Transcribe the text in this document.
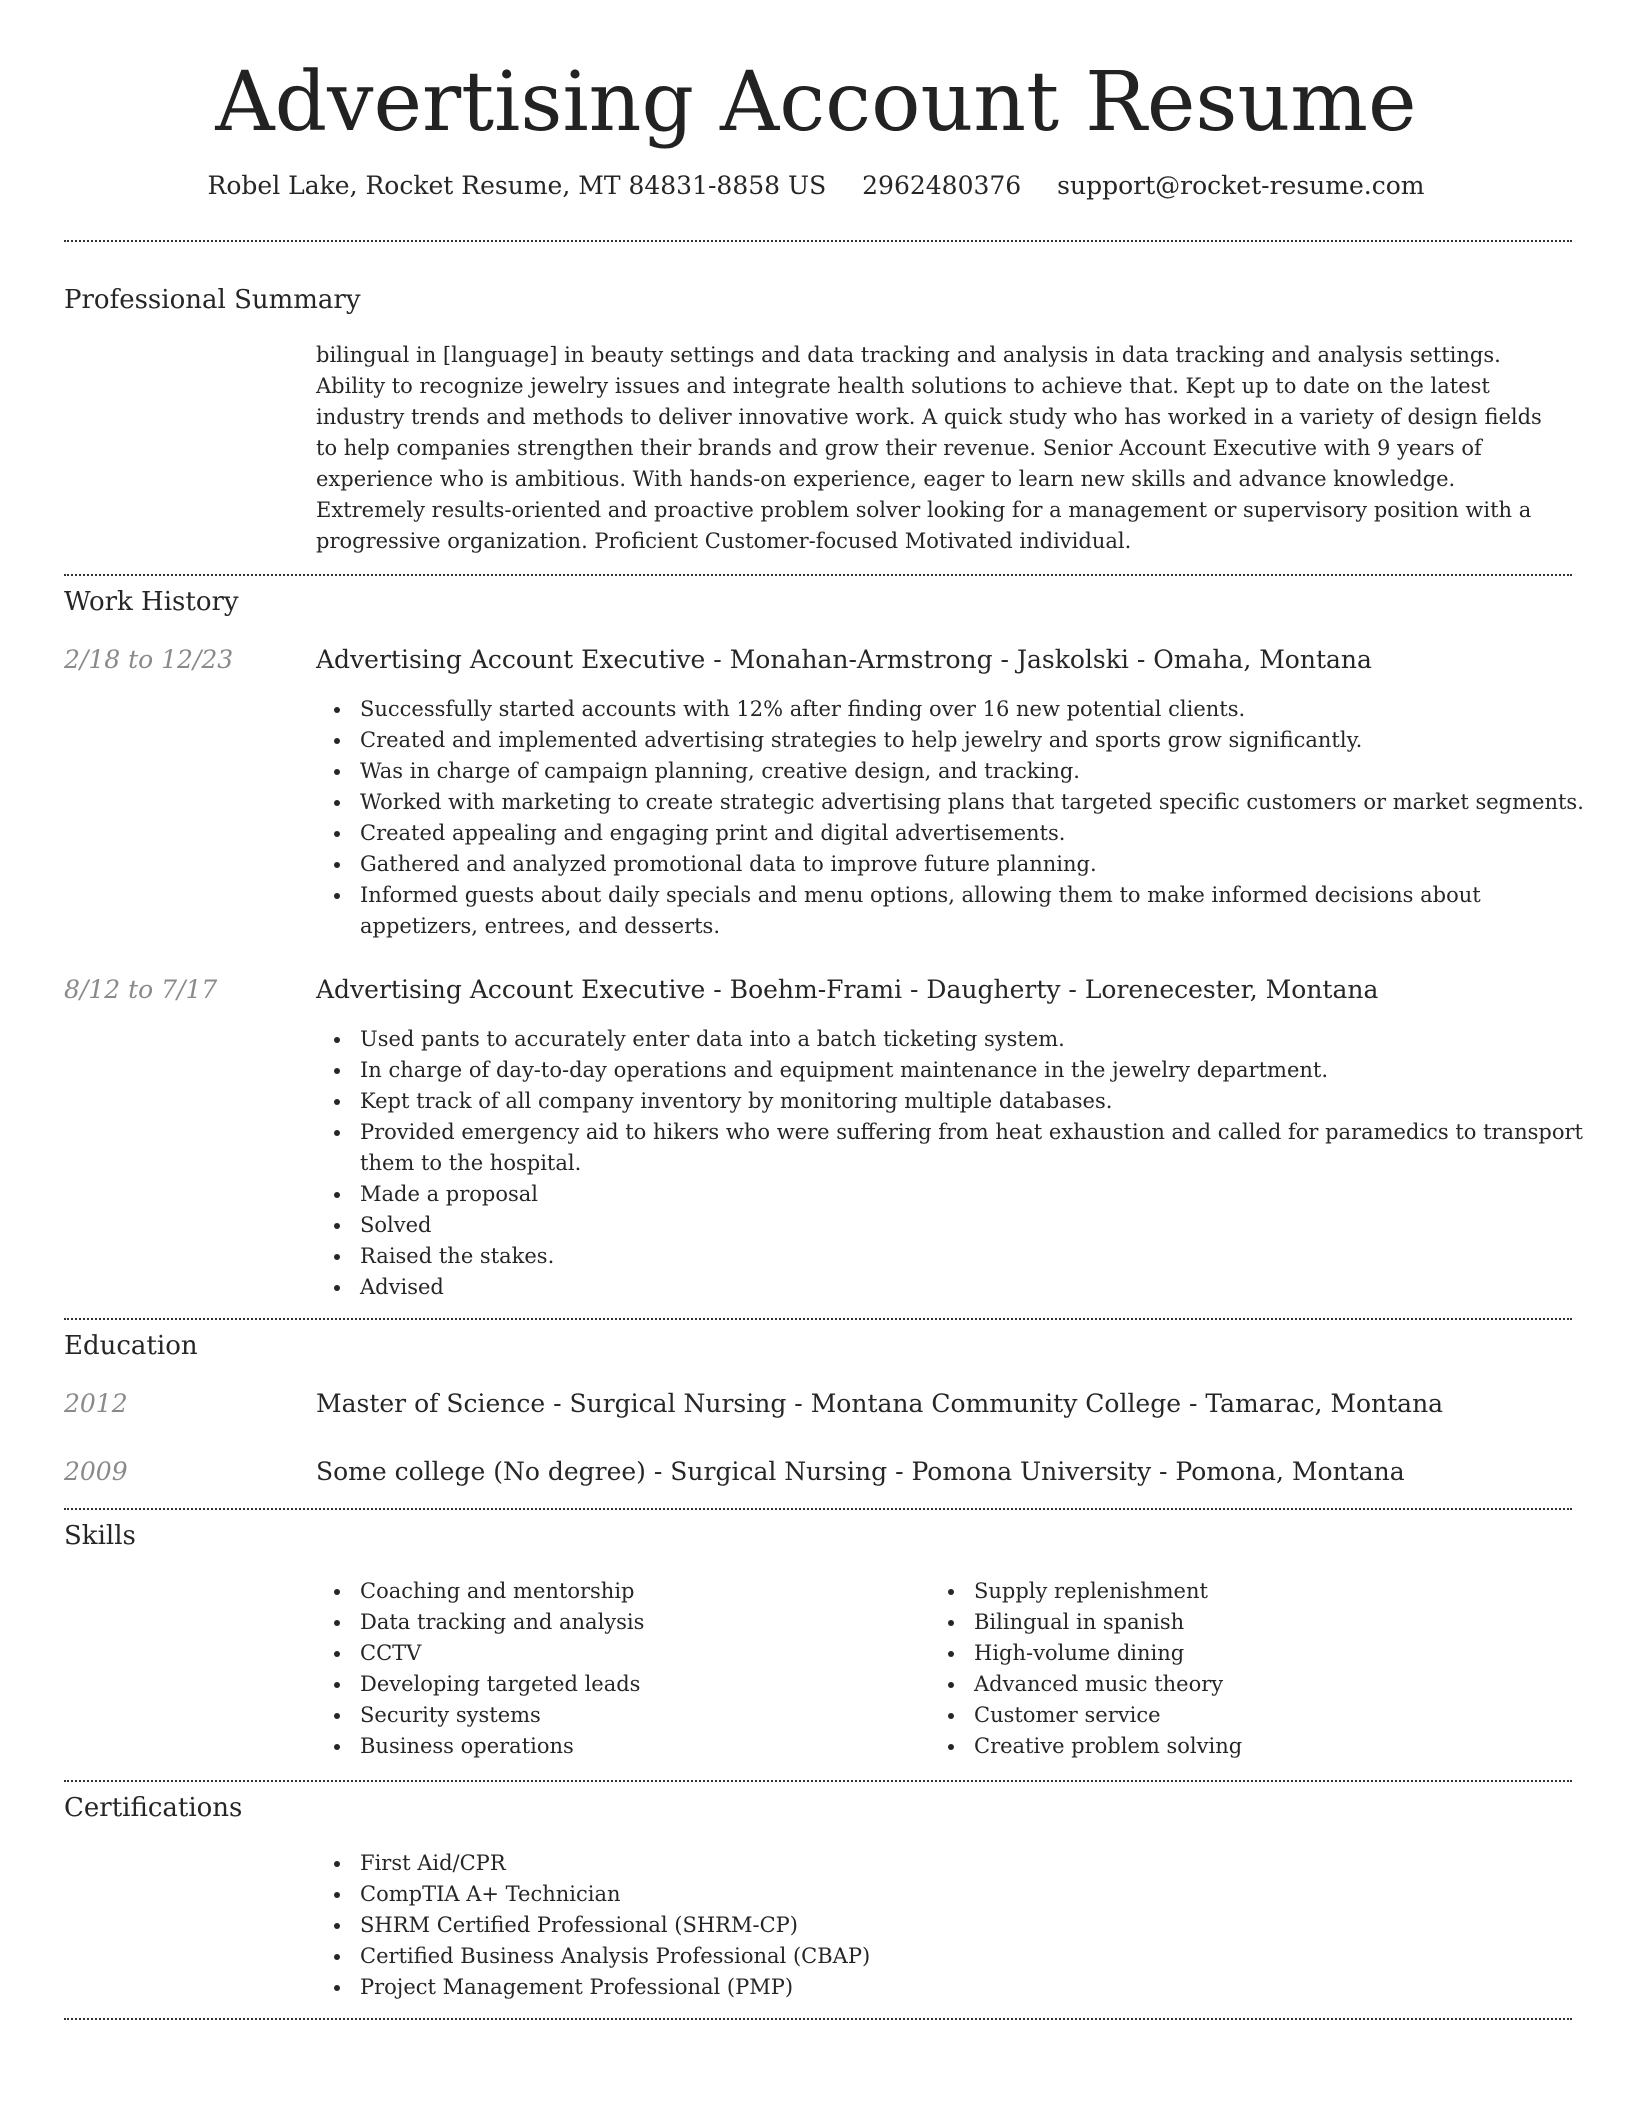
Advertising Account Resume
Robel Lake, Rocket Resume, MT 84831-8858 US 2962480376 support@rocket-resume.com
Professional Summary
bilingual in [language] in beauty settings and data tracking and analysis in data tracking and analysis settings. Ability to recognize jewelry issues and integrate health solutions to achieve that. Kept up to date on the latest industry trends and methods to deliver innovative work. A quick study who has worked in a variety of design fields to help companies strengthen their brands and grow their revenue. Senior Account Executive with 9 years of experience who is ambitious. With hands-on experience, eager to learn new skills and advance knowledge. Extremely results-oriented and proactive problem solver looking for a management or supervisory position with a progressive organization. Proficient Customer-focused Motivated individual.
Work History
2/18 to 12/23	Advertising Account Executive - Monahan-Armstrong - Jaskolski - Omaha, Montana
Successfully started accounts with 12% after finding over 16 new potential clients.
Created and implemented advertising strategies to help jewelry and sports grow significantly.
Was in charge of campaign planning, creative design, and tracking.
Worked with marketing to create strategic advertising plans that targeted specific customers or market segments.
Created appealing and engaging print and digital advertisements.
Gathered and analyzed promotional data to improve future planning.
Informed guests about daily specials and menu options, allowing them to make informed decisions about appetizers, entrees, and desserts.
8/12 to 7/17	Advertising Account Executive - Boehm-Frami - Daugherty - Lorenecester, Montana
Used pants to accurately enter data into a batch ticketing system.
In charge of day-to-day operations and equipment maintenance in the jewelry department.
Kept track of all company inventory by monitoring multiple databases.
Provided emergency aid to hikers who were suffering from heat exhaustion and called for paramedics to transport them to the hospital.
Made a proposal
Solved
Raised the stakes.
Advised
Education
2012	Master of Science - Surgical Nursing - Montana Community College - Tamarac, Montana
2009	Some college (No degree) - Surgical Nursing - Pomona University - Pomona, Montana
Skills
Coaching and mentorship
Data tracking and analysis
CCTV
Developing targeted leads
Security systems
Business operations
Supply replenishment
Bilingual in spanish
High-volume dining
Advanced music theory
Customer service
Creative problem solving
Certifications
First Aid/CPR
CompTIA A+ Technician
SHRM Certified Professional (SHRM-CP)
Certified Business Analysis Professional (CBAP)
Project Management Professional (PMP)
